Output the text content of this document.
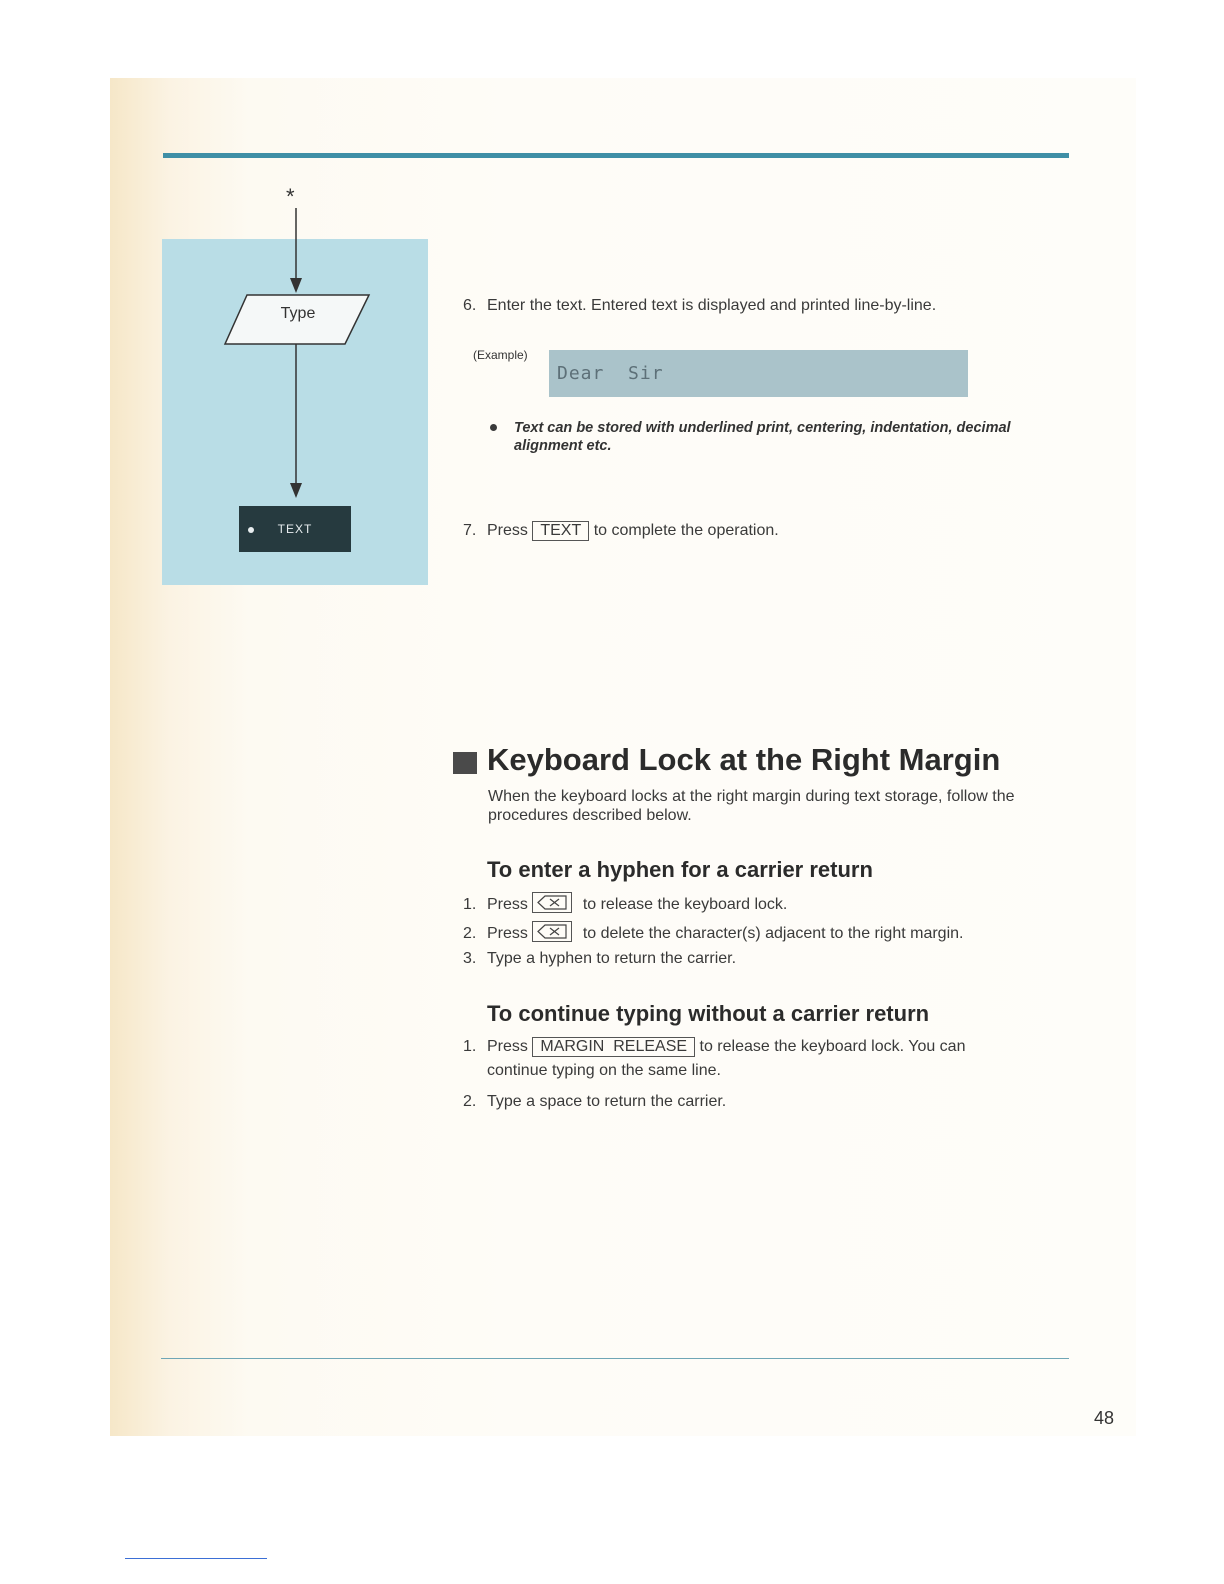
*
Type
TEXT
6. Enter the text. Entered text is displayed and printed line-by-line.
(Example)
Dear  Sir
Text can be stored with underlined print, centering, indentation, decimal alignment etc.
7. Press TEXT to complete the operation.
Keyboard Lock at the Right Margin
When the keyboard locks at the right margin during text storage, follow the procedures described below.
To enter a hyphen for a carrier return
1. Press	to release the keyboard lock.
2. Press	to delete the character(s) adjacent to the right margin.
3. Type a hyphen to return the carrier.
To continue typing without a carrier return
1. Press MARGIN  RELEASE to release the keyboard lock. You can
continue typing on the same line.
2. Type a space to return the carrier.
48
